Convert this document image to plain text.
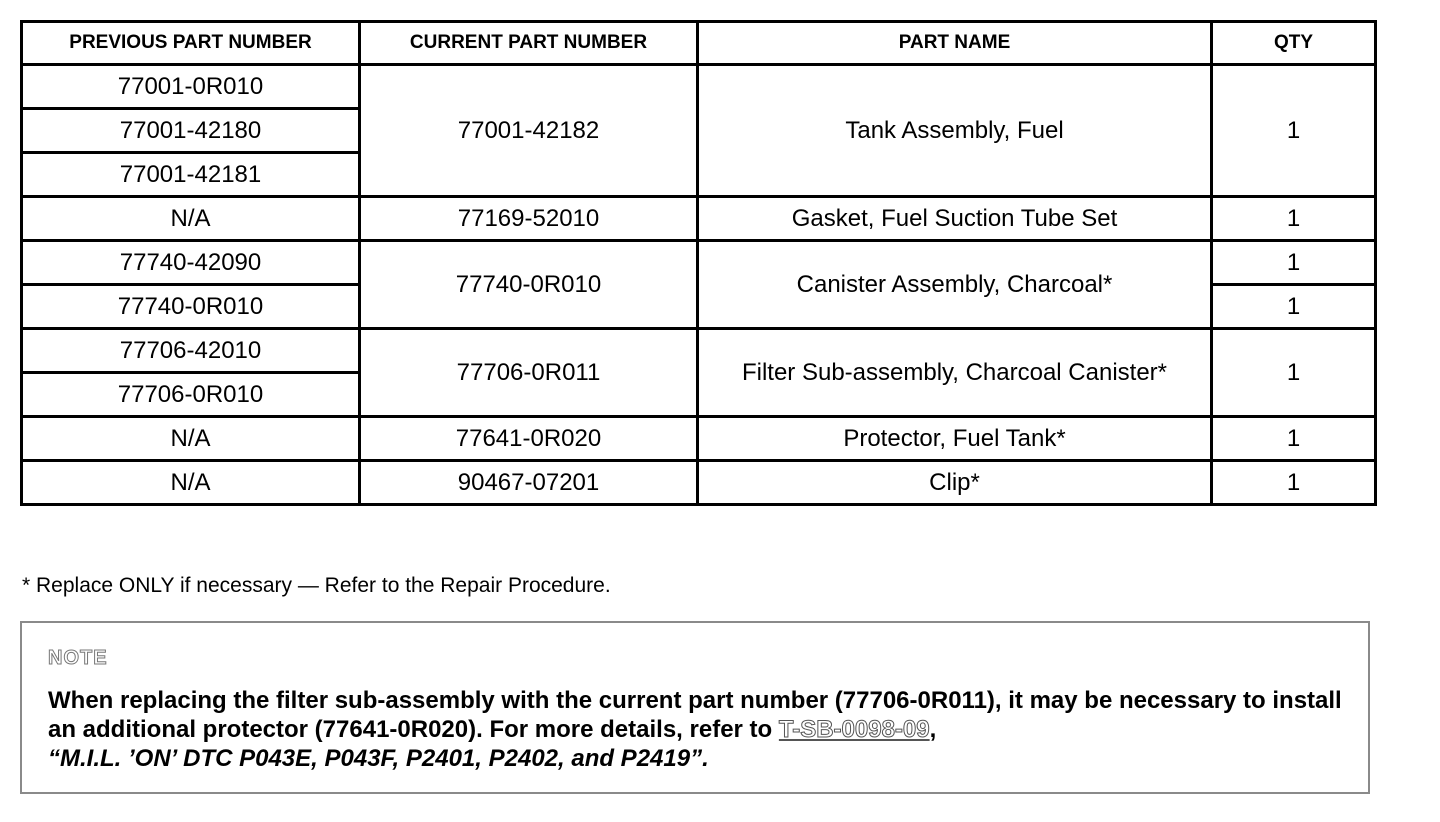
PREVIOUS PART NUMBER	CURRENT PART NUMBER	PART NAME	QTY
77001-0R010	77001-42182	Tank Assembly, Fuel	1
77001-42180			
77001-42181			
N/A	77169-52010	Gasket, Fuel Suction Tube Set	1
77740-42090	77740-0R010	Canister Assembly, Charcoal*	1
77740-0R010			1
77706-42010	77706-0R011	Filter Sub-assembly, Charcoal Canister*	1
77706-0R010			
N/A	77641-0R020	Protector, Fuel Tank*	1
N/A	90467-07201	Clip*	1
* Replace ONLY if necessary — Refer to the Repair Procedure.
NOTE
When replacing the filter sub-assembly with the current part number (77706-0R011), it may be necessary to install an additional protector (77641-0R020). For more details, refer to T-SB-0098-09,
“M.I.L. ’ON’ DTC P043E, P043F, P2401, P2402, and P2419”.
